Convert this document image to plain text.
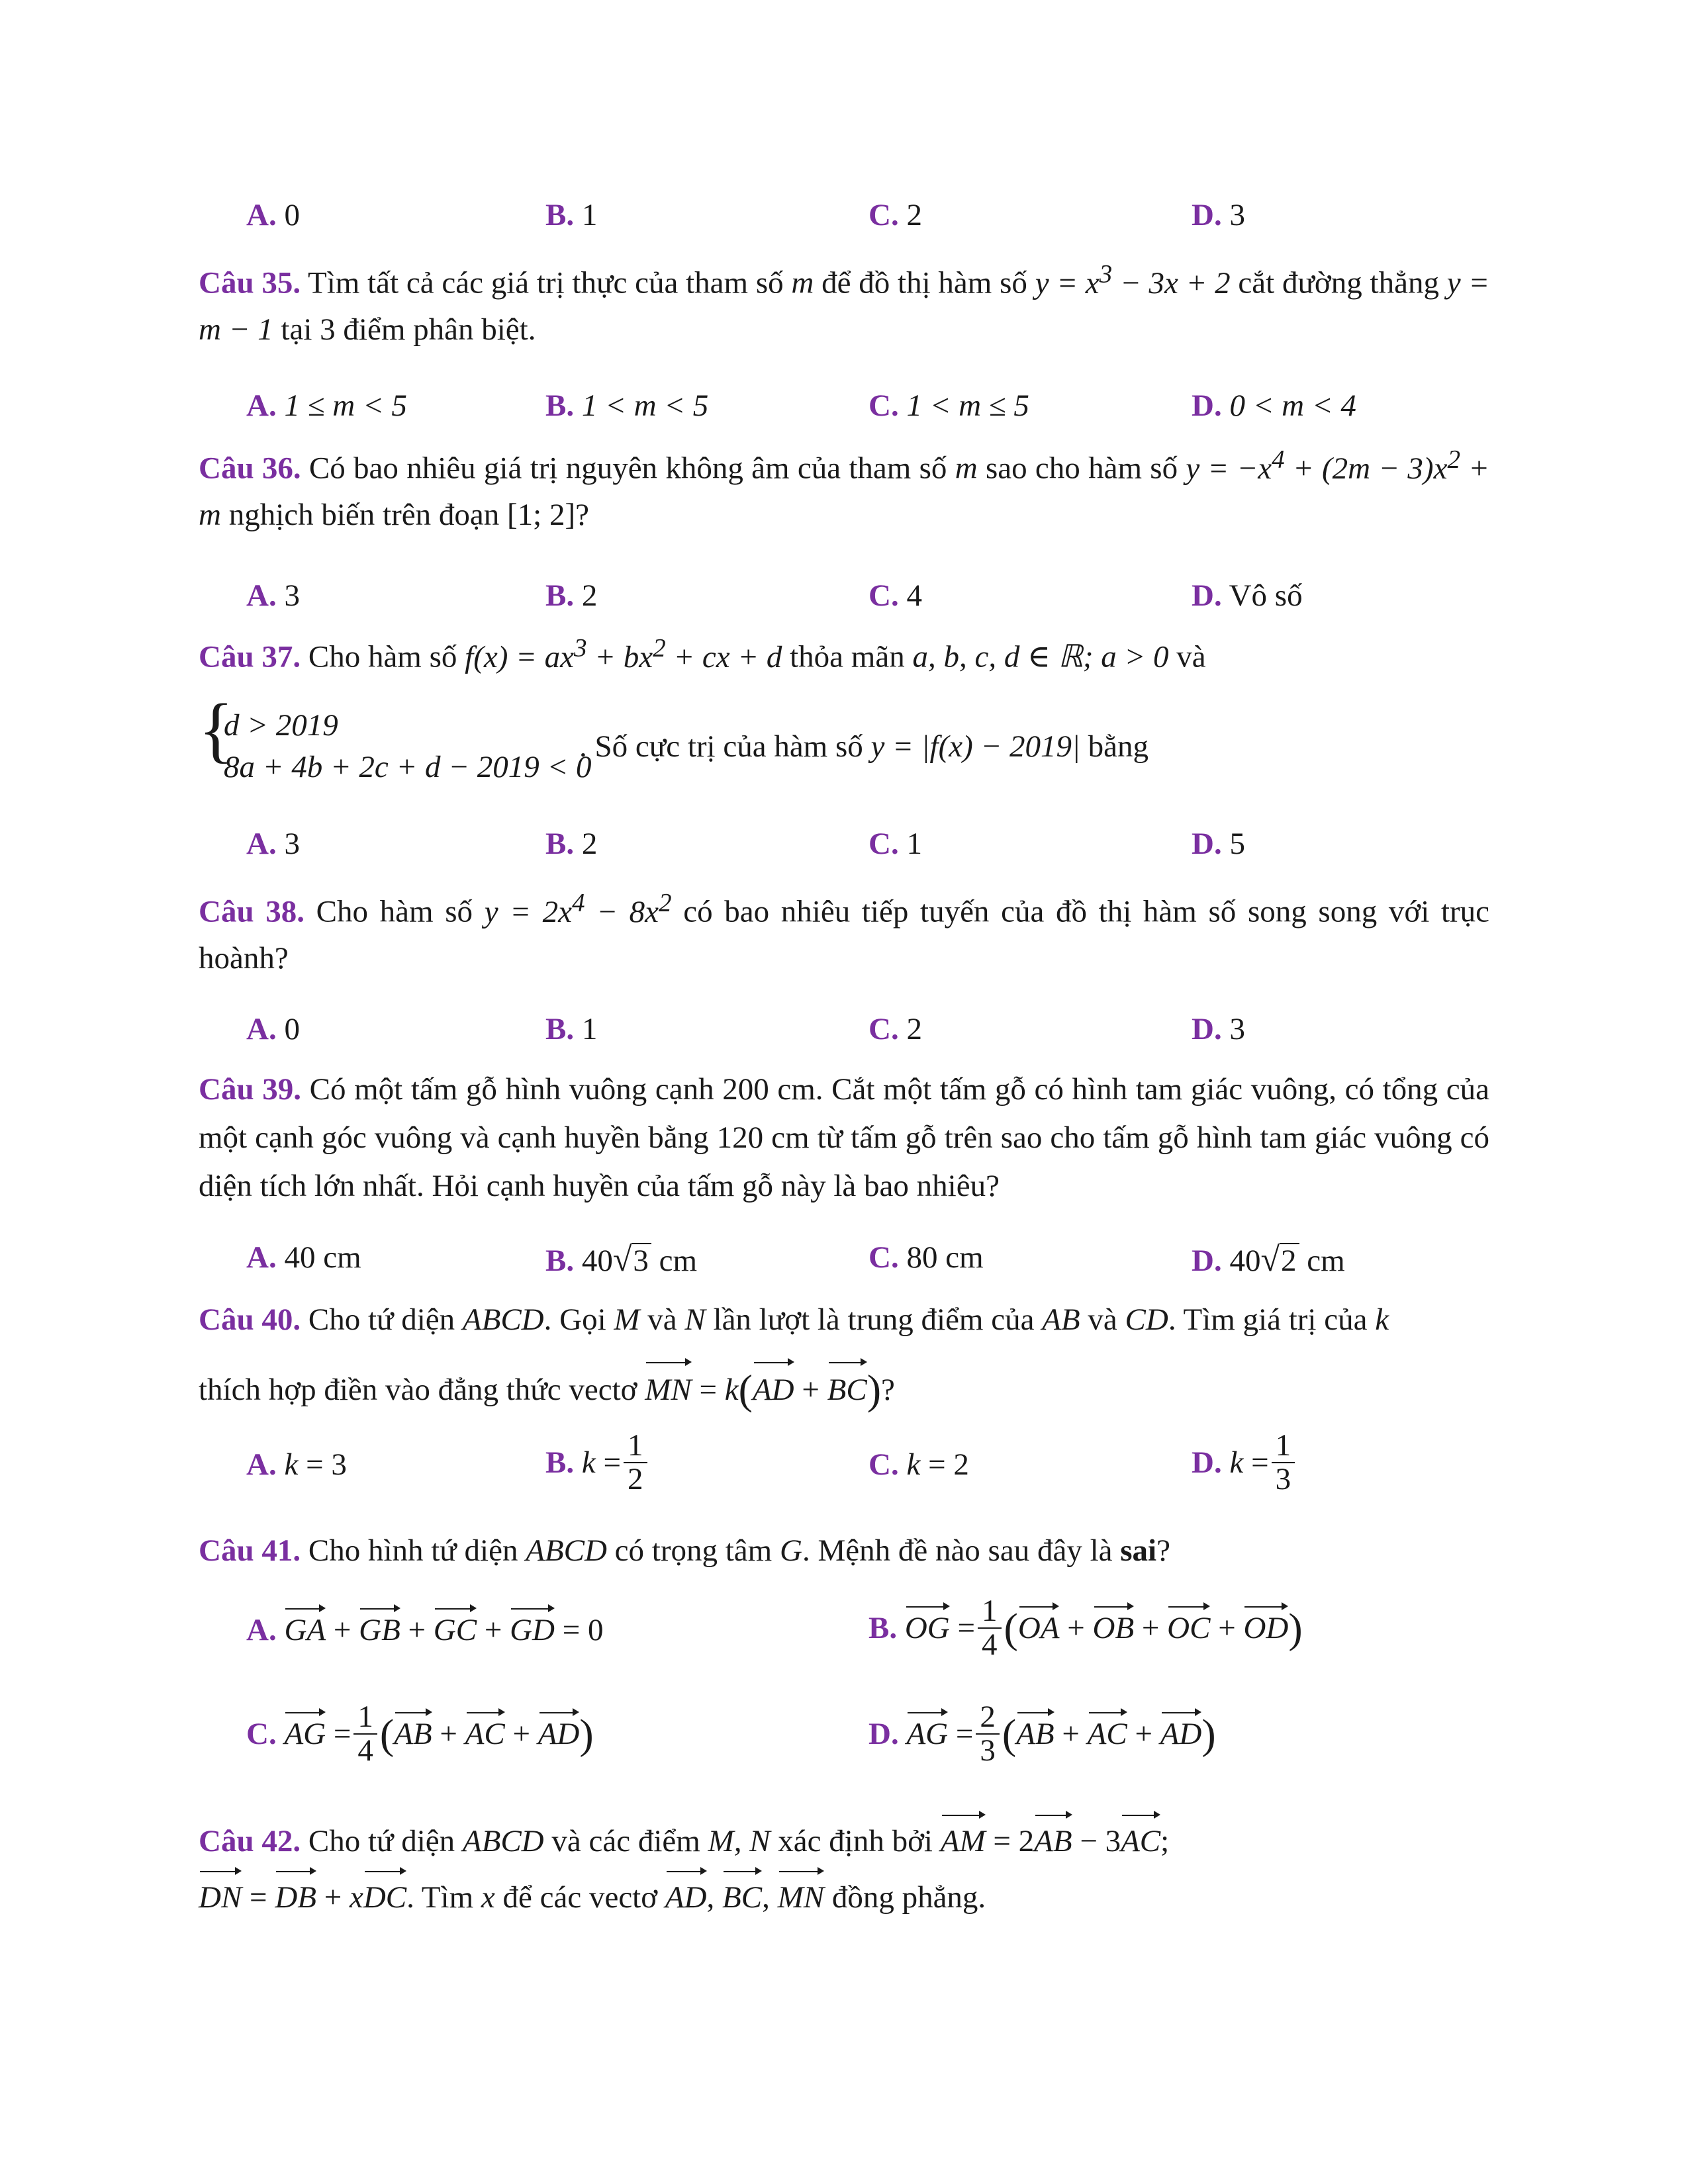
A. 0	B. 1	C. 2	D. 3
Câu 35. Tìm tất cả các giá trị thực của tham số m để đồ thị hàm số $y = x^3 - 3x + 2$ cắt đường thẳng y = m − 1 tại 3 điểm phân biệt.
A. 1 ≤ m < 5	B. 1 < m < 5	C. 1 < m ≤ 5	D. 0 < m < 4
Câu 36. Có bao nhiêu giá trị nguyên không âm của tham số m sao cho hàm số $y = -x^4 + (2m - 3)x^2 + m$ nghịch biến trên đoạn [1; 2]?
A. 3	B. 2	C. 4	D. Vô số
Câu 37. Cho hàm số $f(x) = ax^3 + bx^2$ + cx + d thỏa mãn a, b, c, d ∈ ℝ; a > 0 và
{
d > 2019
8a + 4b + 2c + d − 2019 < 0
. Số cực trị của hàm số y = |f(x) − 2019| bằng
A. 3	B. 2	C. 1	D. 5
Câu 38. Cho hàm số $y = 2x^4 - 8x^2$ có bao nhiêu tiếp tuyến của đồ thị hàm số song song với trục hoành?
A. 0	B. 1	C. 2	D. 3
Câu 39. Có một tấm gỗ hình vuông cạnh 200 cm. Cắt một tấm gỗ có hình tam giác vuông, có tổng của một cạnh góc vuông và cạnh huyền bằng 120 cm từ tấm gỗ trên sao cho tấm gỗ hình tam giác vuông có diện tích lớn nhất. Hỏi cạnh huyền của tấm gỗ này là bao nhiêu?
A. 40 cm	B. 40√3 cm	C. 80 cm	D. 40√2 cm
Câu 40. Cho tứ diện ABCD. Gọi M và N lần lượt là trung điểm của AB và CD. Tìm giá trị của k
thích hợp điền vào đẳng thức vectơ MN = k(AD + BC)?
A. k = 3	B. $k = \frac{1}{2}$	C. k = 2	D. $k = \frac{1}{3}$
Câu 41. Cho hình tứ diện ABCD có trọng tâm G. Mệnh đề nào sau đây là sai?
A. GA + GB + GC + GD = 0	B. OG = $\frac{1}{4} (OA$ + OB + OC + OD)
C. AG = $\frac{1}{4} (AB$ + AC + AD)	D. AG = $\frac{2}{3} (AB$ + AC + AD)
Câu 42. Cho tứ diện ABCD và các điểm M, N xác định bởi AM = 2AB − 3AC;
DN = DB + xDC. Tìm x để các vectơ AD, BC, MN đồng phẳng.
